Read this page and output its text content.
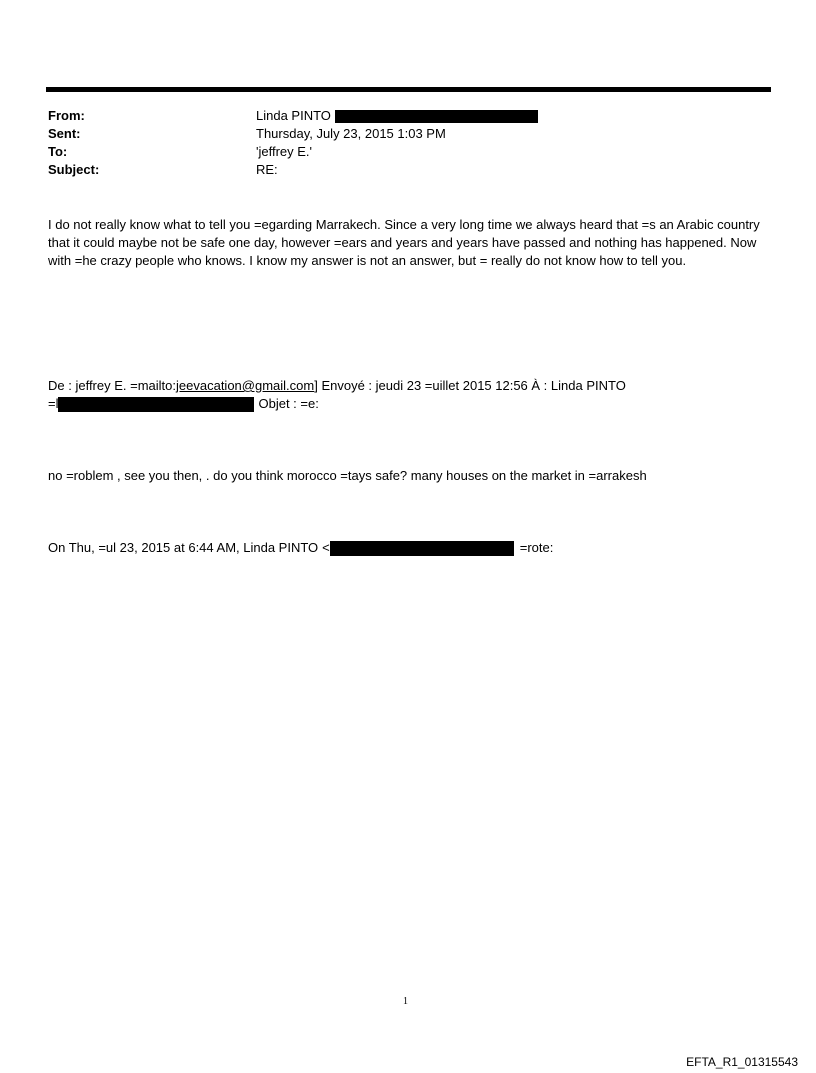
From:	Linda PINTO
Sent:	Thursday, July 23, 2015 1:03 PM
To:	'jeffrey E.'
Subject:	RE:
I do not really know what to tell you =egarding Marrakech. Since a very long time we always heard that =s an Arabic country that it could maybe not be safe one day, however =ears and years and years have passed and nothing has happened. Now with =he crazy people who knows. I know my answer is not an answer, but = really do not know how to tell you.
De : jeffrey E. =mailto:jeevacation@gmail.com] Envoyé : jeudi 23 =uillet 2015 12:56 À : Linda PINTO
=l	Objet : =e:
no =roblem , see you then, . do you think morocco =tays safe? many houses on the market in =arrakesh
On Thu, =ul 23, 2015 at 6:44 AM, Linda PINTO <	=rote:
1
EFTA_R1_01315543
